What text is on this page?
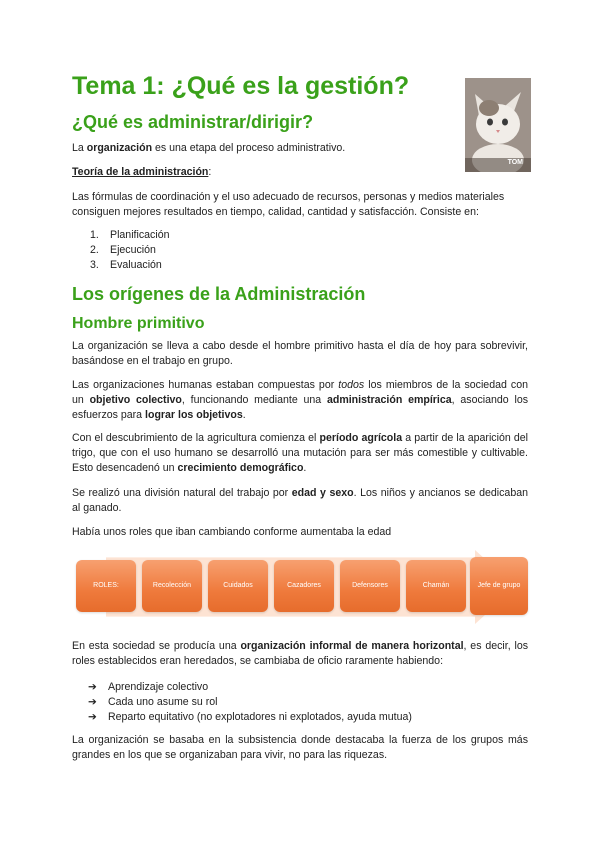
Tema 1: ¿Qué es la gestión?
TOM
¿Qué es administrar/dirigir?
La organización es una etapa del proceso administrativo.
Teoría de la administración:
Las fórmulas de coordinación y el uso adecuado de recursos, personas y medios materiales consiguen mejores resultados en tiempo, calidad, cantidad y satisfacción. Consiste en:
1. Planificación
2. Ejecución
3. Evaluación
Los orígenes de la Administración
Hombre primitivo
La organización se lleva a cabo desde el hombre primitivo hasta el día de hoy para sobrevivir, basándose en el trabajo en grupo.
Las organizaciones humanas estaban compuestas por todos los miembros de la sociedad con un objetivo colectivo, funcionando mediante una administración empírica, asociando los esfuerzos para lograr los objetivos.
Con el descubrimiento de la agricultura comienza el período agrícola a partir de la aparición del trigo, que con el uso humano se desarrolló una mutación para ser más comestible y cultivable. Esto desencadenó un crecimiento demográfico.
Se realizó una división natural del trabajo por edad y sexo. Los niños y ancianos se dedicaban al ganado.
Había unos roles que iban cambiando conforme aumentaba la edad
ROLES:	Recolección	Cuidados	Cazadores	Defensores	Chamán	Jefe de grupo
En esta sociedad se producía una organización informal de manera horizontal, es decir, los roles establecidos eran heredados, se cambiaba de oficio raramente habiendo:
➔ Aprendizaje colectivo
➔ Cada uno asume su rol
➔ Reparto equitativo (no explotadores ni explotados, ayuda mutua)
La organización se basaba en la subsistencia donde destacaba la fuerza de los grupos más grandes en los que se organizaban para vivir, no para las riquezas.
